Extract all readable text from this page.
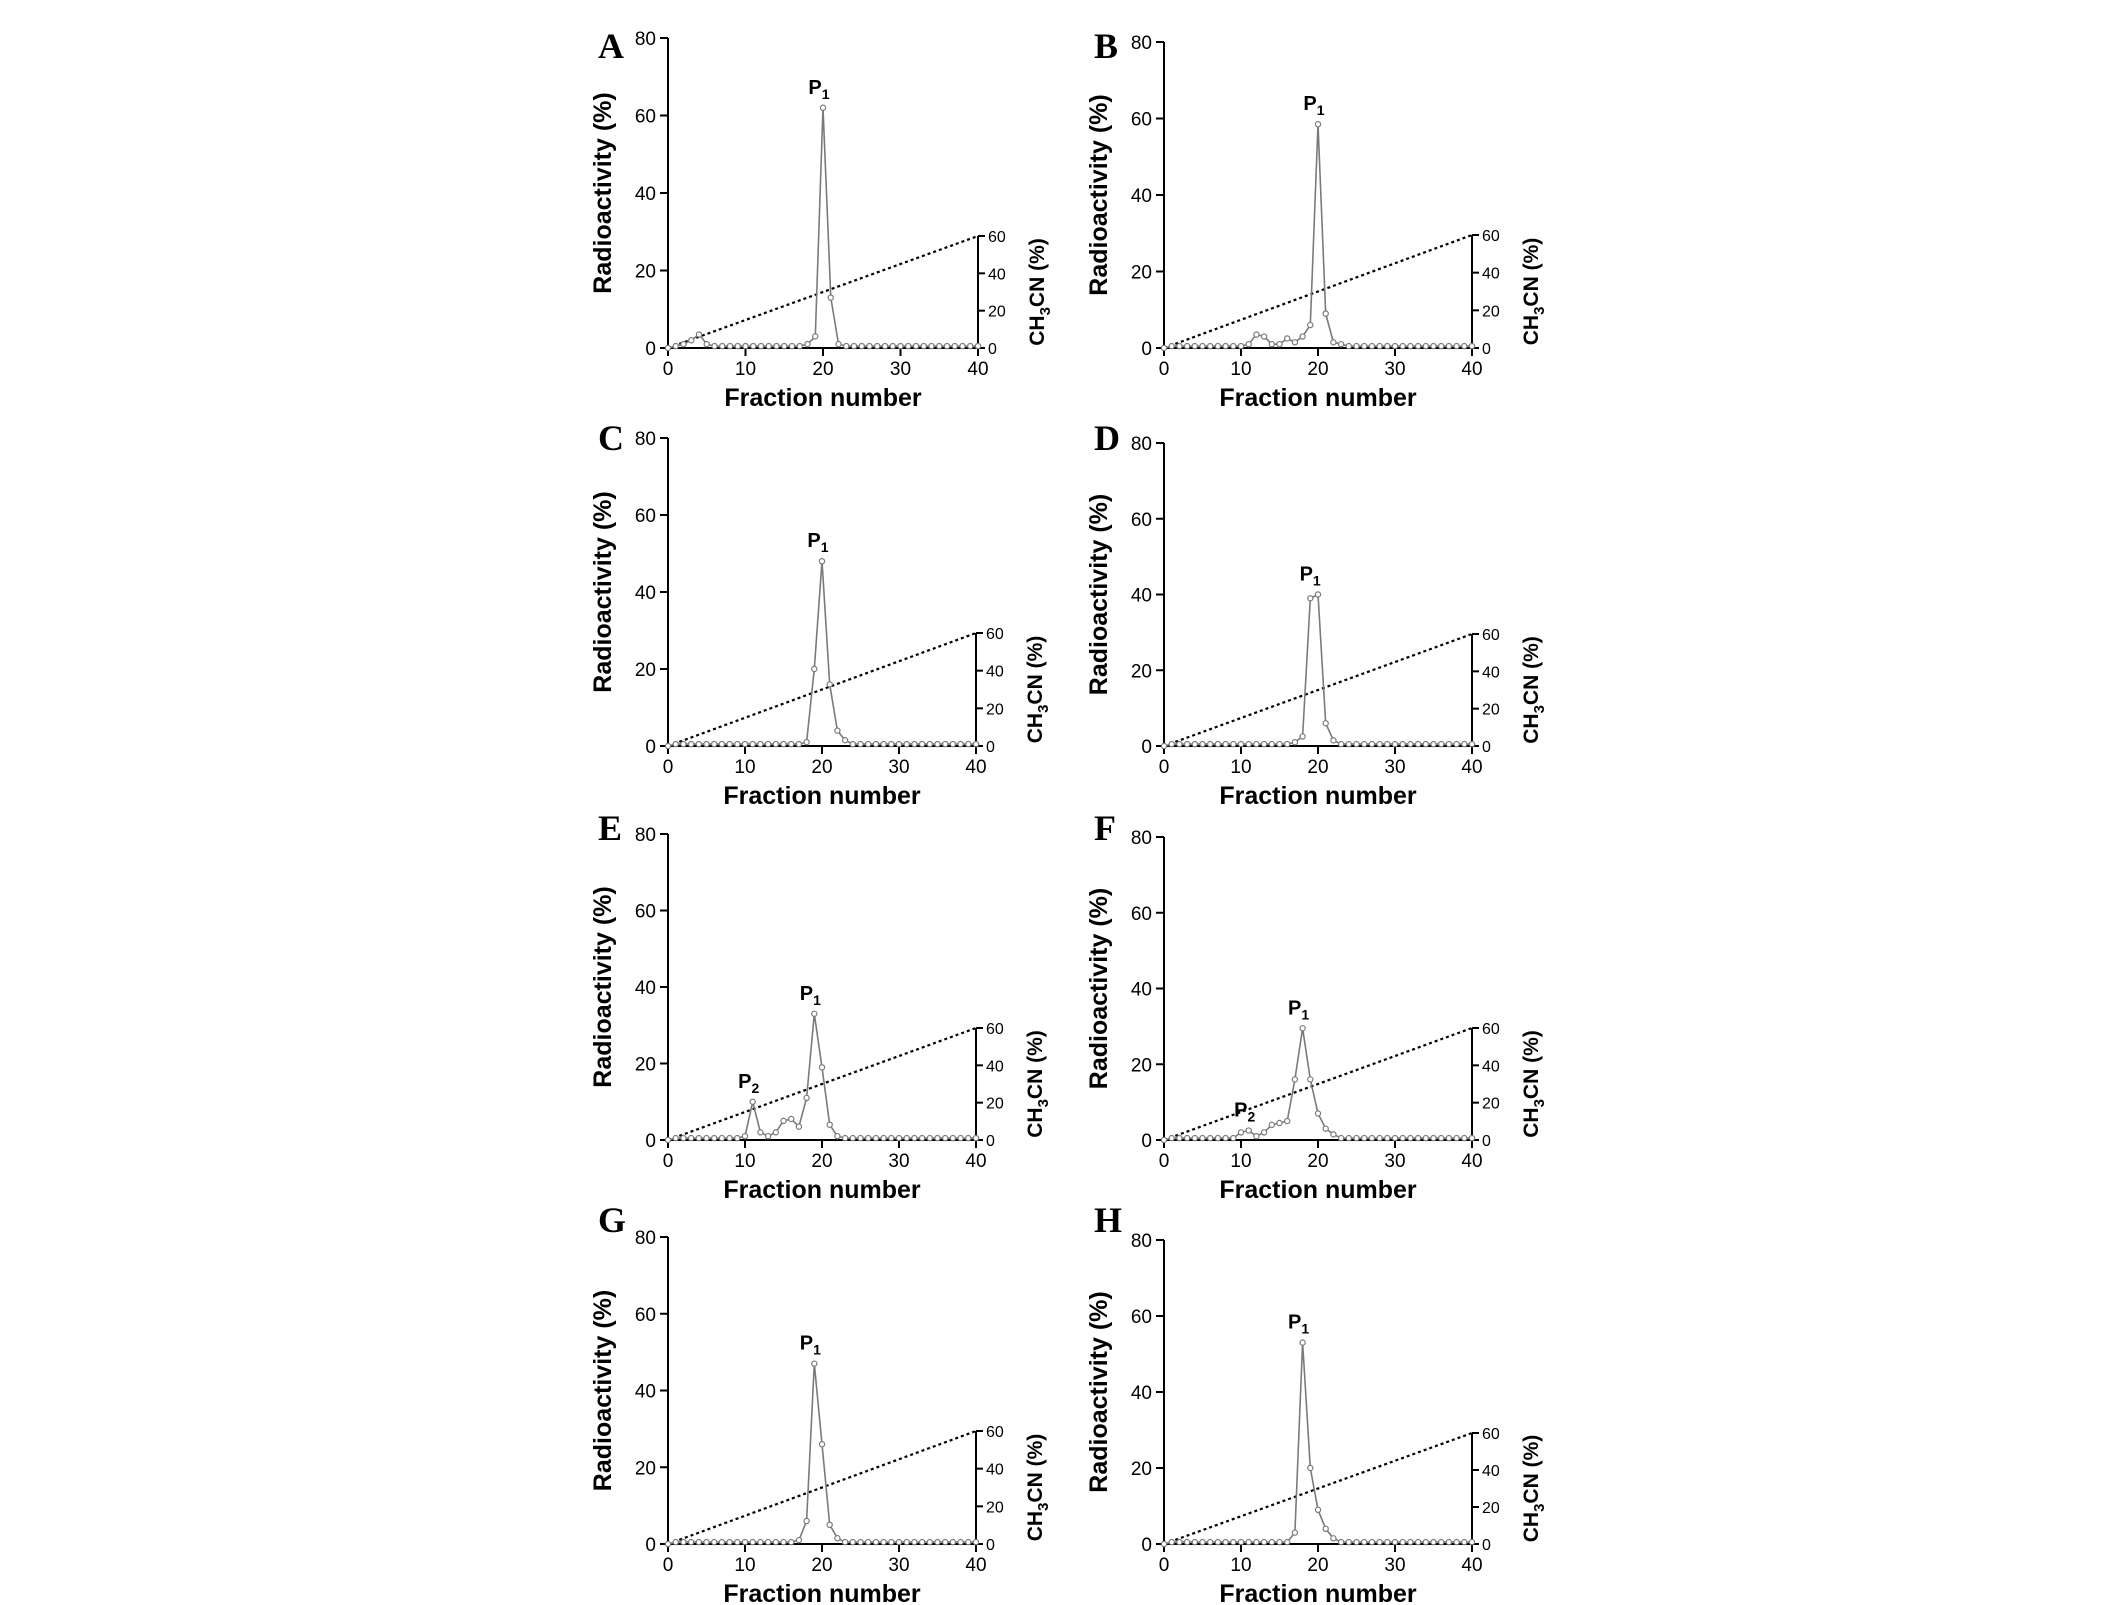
A
0
20
40
60
80
0	10	20	30	40
0
20
40
60
Fraction number
Radioactivity (%)
$CH_3CN$ (%)
$P_1$
B
0
20
40
60
80
0	10	20	30	40
0
20
40
60
Fraction number
Radioactivity (%)
$CH_3CN$ (%)
$P_1$
C
0
20
40
60
80
0	10	20	30	40
0
20
40
60
Fraction number
Radioactivity (%)
$CH_3CN$ (%)
$P_1$
D
0
20
40
60
80
0	10	20	30	40
0
20
40
60
Fraction number
Radioactivity (%)
$CH_3CN$ (%)
$P_1$
E
0
20
40
60
80
0	10	20	30	40
0
20
40
60
Fraction number
Radioactivity (%)
$CH_3CN$ (%)
$P_1$
$P_2$
F
0
20
40
60
80
0	10	20	30	40
0
20
40
60
Fraction number
Radioactivity (%)
$CH_3CN$ (%)
$P_1$
$P_2$
G
0
20
40
60
80
0	10	20	30	40
0
20
40
60
Fraction number
Radioactivity (%)
$CH_3CN$ (%)
$P_1$
H
0
20
40
60
80
0	10	20	30	40
0
20
40
60
Fraction number
Radioactivity (%)
$CH_3CN$ (%)
$P_1$
